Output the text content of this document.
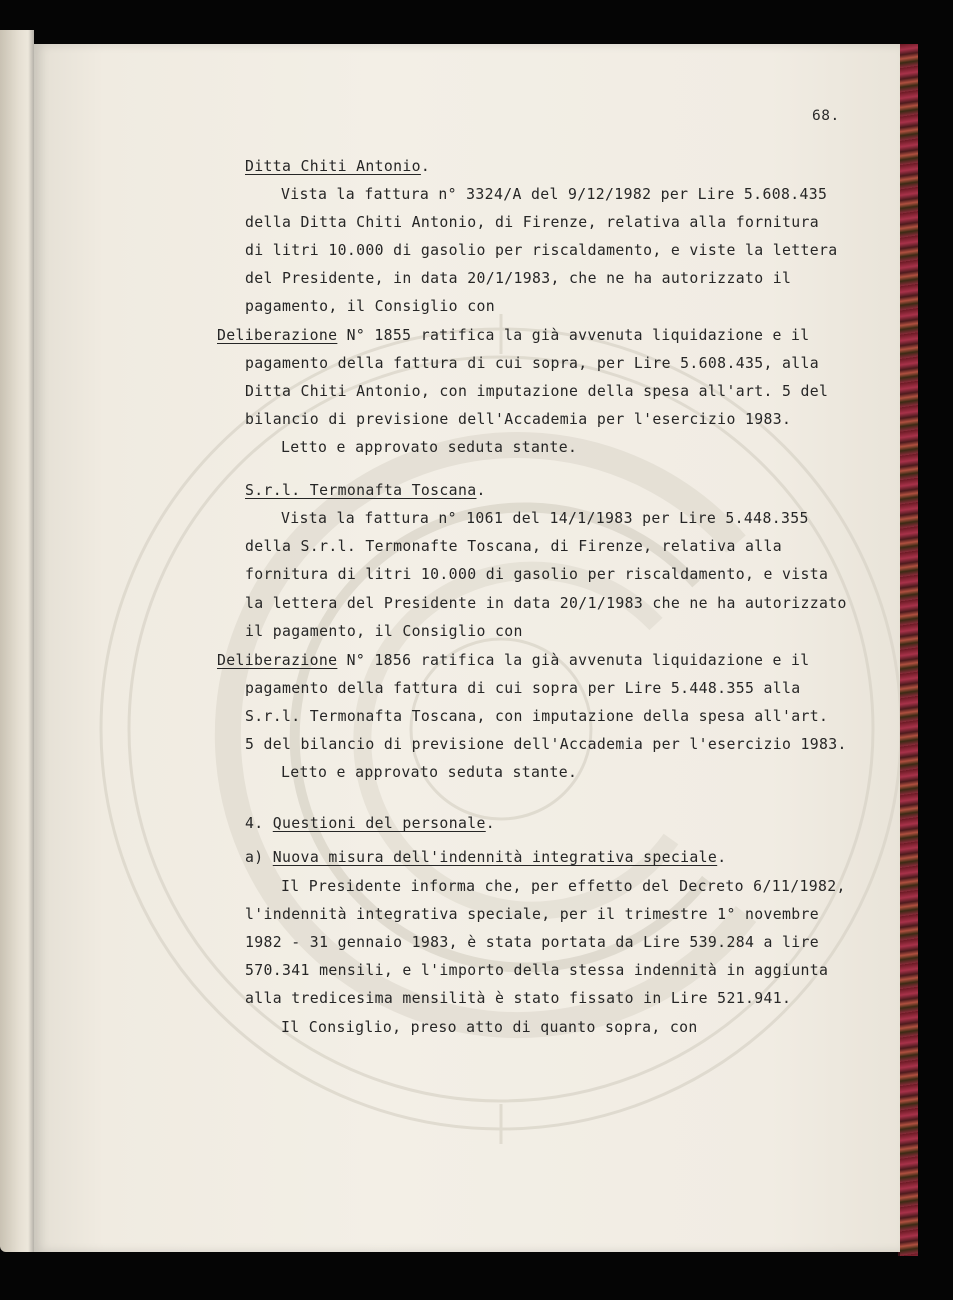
68.
Ditta Chiti Antonio.
Vista la fattura n° 3324/A del 9/12/1982 per Lire 5.608.435
della Ditta Chiti Antonio, di Firenze, relativa alla fornitura
di litri 10.000 di gasolio per riscaldamento, e viste la lettera
del Presidente, in data 20/1/1983, che ne ha autorizzato il
pagamento, il Consiglio con
Deliberazione N° 1855 ratifica la già avvenuta liquidazione e il
pagamento della fattura di cui sopra, per Lire 5.608.435, alla
Ditta Chiti Antonio, con imputazione della spesa all'art. 5 del
bilancio di previsione dell'Accademia per l'esercizio 1983.
Letto e approvato seduta stante.
S.r.l. Termonafta Toscana.
Vista la fattura n° 1061 del 14/1/1983 per Lire 5.448.355
della S.r.l. Termonafte Toscana, di Firenze, relativa alla
fornitura di litri 10.000 di gasolio per riscaldamento, e vista
la lettera del Presidente in data 20/1/1983 che ne ha autorizzato
il pagamento, il Consiglio con
Deliberazione N° 1856 ratifica la già avvenuta liquidazione e il
pagamento della fattura di cui sopra per Lire 5.448.355 alla
S.r.l. Termonafta Toscana, con imputazione della spesa all'art.
5 del bilancio di previsione dell'Accademia per l'esercizio 1983.
Letto e approvato seduta stante.
4. Questioni del personale.
a) Nuova misura dell'indennità integrativa speciale.
Il Presidente informa che, per effetto del Decreto 6/11/1982,
l'indennità integrativa speciale, per il trimestre 1° novembre
1982 - 31 gennaio 1983, è stata portata da Lire 539.284 a lire
570.341 mensili, e l'importo della stessa indennità in aggiunta
alla tredicesima mensilità è stato fissato in Lire 521.941.
Il Consiglio, preso atto di quanto sopra, con
